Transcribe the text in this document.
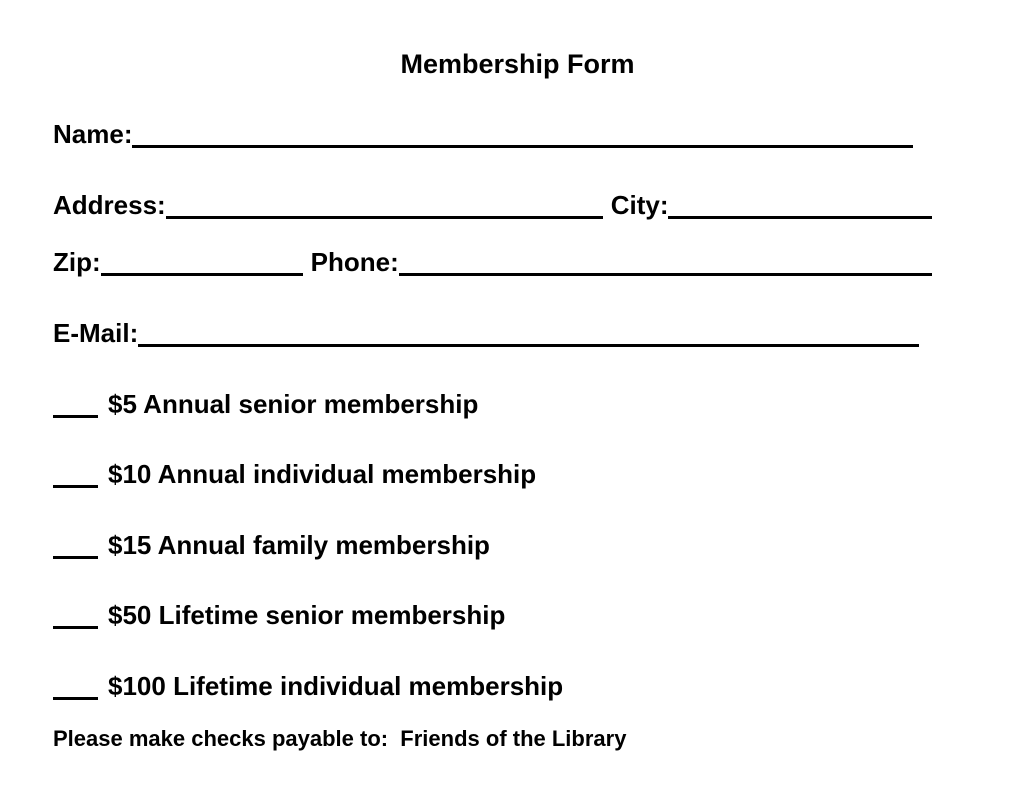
Membership Form
Name:
Address:	City:
Zip:	Phone:
E-Mail:
$5 Annual senior membership
$10 Annual individual membership
$15 Annual family membership
$50 Lifetime senior membership
$100 Lifetime individual membership
Please make checks payable to:  Friends of the Library
